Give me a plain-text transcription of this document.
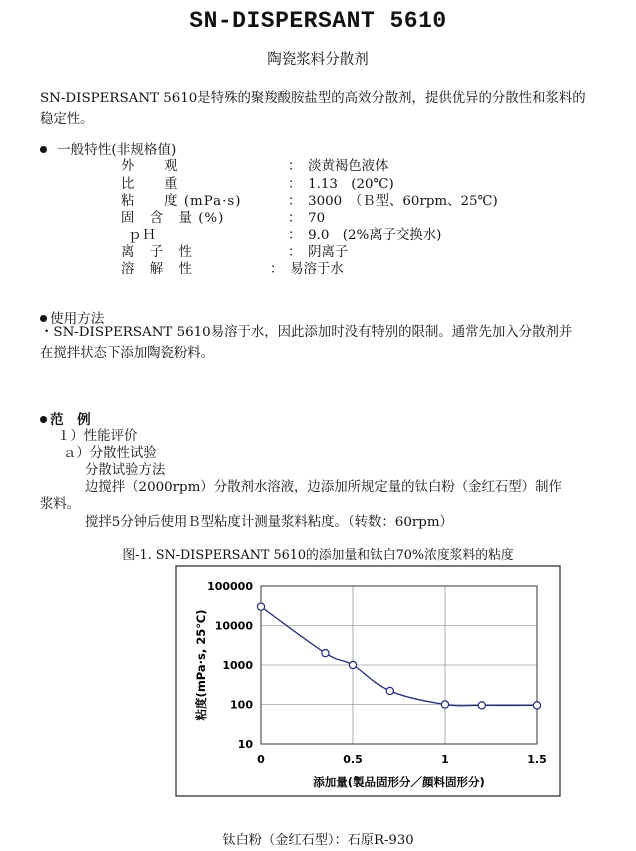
SN-DISPERSANT 5610
陶瓷浆料分散剂
SN-DISPERSANT 5610是特殊的聚羧酸胺盐型的高效分散剂，提供优异的分散性和浆料的
稳定性。
一般特性(非规格值)
外　　观	：　淡黄褐色液体
比　　重	：　1.13　(20℃)
粘　　度 (mPa·s)	：　3000　（Ｂ型、60rpm、25℃)
固　含　量 (%)	：　70
ｐＨ	：　9.0　(2%离子交换水)
离　子　性	：　阴离子
溶　解　性	：　易溶于水
使用方法
・SN-DISPERSANT 5610易溶于水，因此添加时没有特别的限制。通常先加入分散剂并
在搅拌状态下添加陶瓷粉料。
范　例
１）性能评价
ａ）分散性试验
分散试验方法
边搅拌（2000rpm）分散剂水溶液，边添加所规定量的钛白粉（金红石型）制作
浆料。
搅拌5分钟后使用Ｂ型粘度计测量浆料粘度。（转数：60rpm）
图-1. SN-DISPERSANT 5610的添加量和钛白70%浓度浆料的粘度
10
100
1000
10000
100000
0	0.5	1	1.5
添加量(製品固形分／顔料固形分)
粘度(mPa·s, 25℃)
钛白粉（金红石型）：石原R-930
